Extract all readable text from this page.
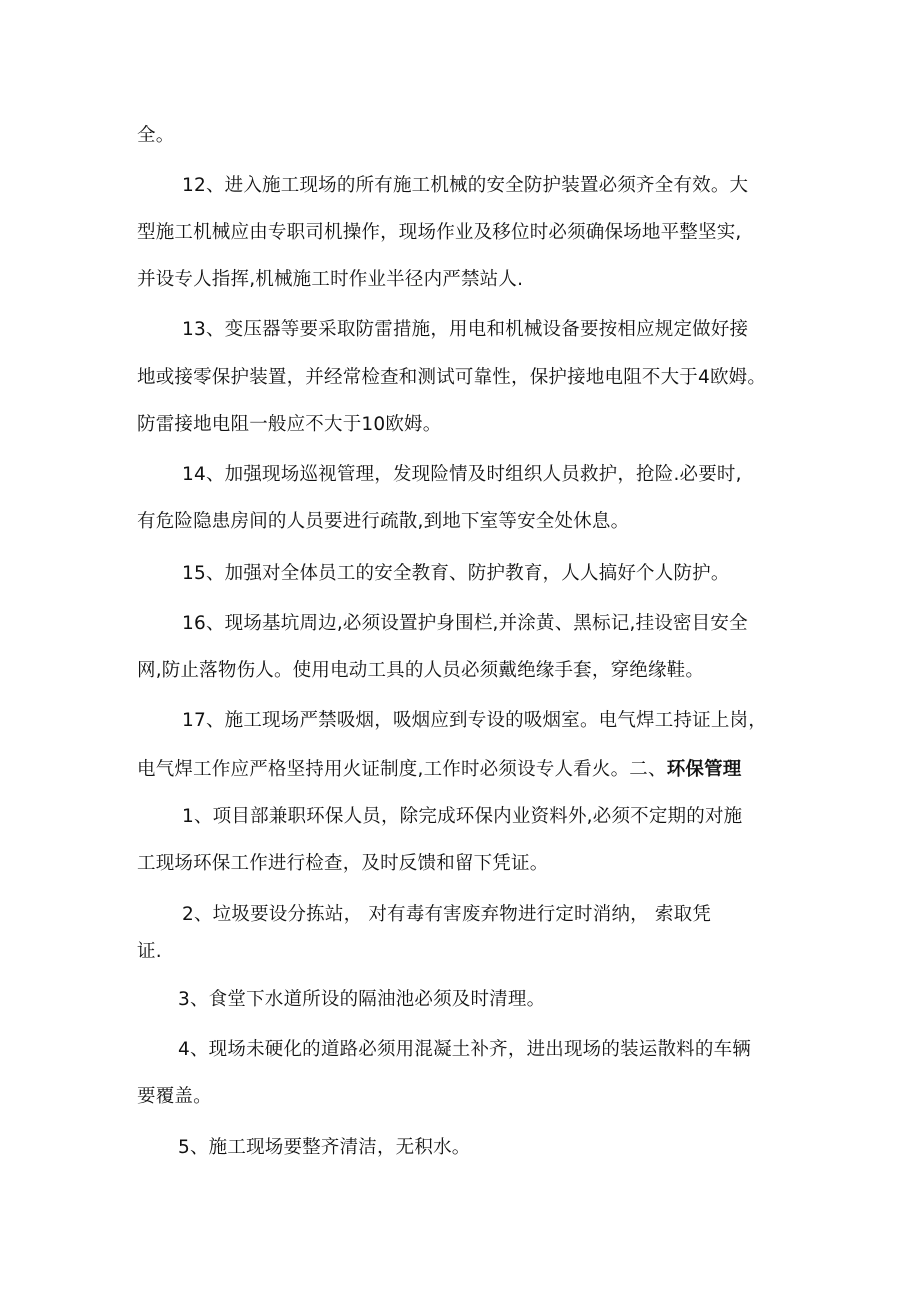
全。
12、进入施工现场的所有施工机械的安全防护装置必须齐全有效。大
型施工机械应由专职司机操作，现场作业及移位时必须确保场地平整坚实,
并设专人指挥,机械施工时作业半径内严禁站人.
13、变压器等要采取防雷措施，用电和机械设备要按相应规定做好接
地或接零保护装置，并经常检查和测试可靠性，保护接地电阻不大于4欧姆。
防雷接地电阻一般应不大于10欧姆。
14、加强现场巡视管理，发现险情及时组织人员救护，抢险.必要时,
有危险隐患房间的人员要进行疏散,到地下室等安全处休息。
15、加强对全体员工的安全教育、防护教育，人人搞好个人防护。
16、现场基坑周边,必须设置护身围栏,并涂黄、黑标记,挂设密目安全
网,防止落物伤人。使用电动工具的人员必须戴绝缘手套，穿绝缘鞋。
17、施工现场严禁吸烟，吸烟应到专设的吸烟室。电气焊工持证上岗，
电气焊工作应严格坚持用火证制度,工作时必须设专人看火。二、环保管理
1、项目部兼职环保人员，除完成环保内业资料外,必须不定期的对施
工现场环保工作进行检查，及时反馈和留下凭证。
2、垃圾要设分拣站， 对有毒有害废弃物进行定时消纳， 索取凭
证.
3、食堂下水道所设的隔油池必须及时清理。
4、现场未硬化的道路必须用混凝土补齐，进出现场的装运散料的车辆
要覆盖。
5、施工现场要整齐清洁，无积水。
